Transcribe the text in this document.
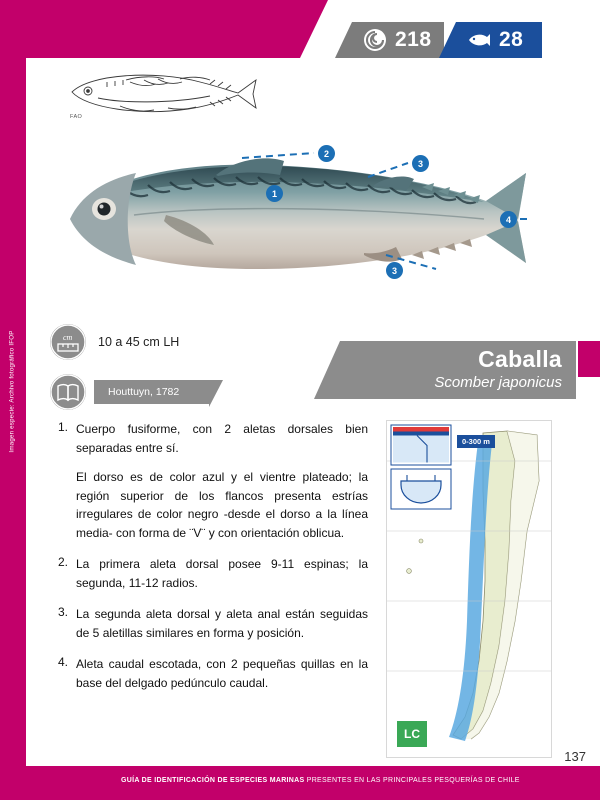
Imagen especie: Archivo fotográfico IFOP
218	28
FAO
2
1
3
4
3
cm 10 a 45 cm LH
Houttuyn, 1782
Caballa
Scomber japonicus
1. Cuerpo fusiforme, con 2 aletas dorsales bien separadas entre sí.

El dorso es de color azul y el vientre plateado; la región superior de los flancos presenta estrías irregulares de color negro -desde el dorso a la línea media- con forma de ¨V¨ y con orientación oblicua.

2. La primera aleta dorsal posee 9-11 espinas; la segunda, 11-12 radios.

3. La segunda aleta dorsal y aleta anal están seguidas de 5 aletillas similares en forma y posición.

4. Aleta caudal escotada, con 2 pequeñas quillas en la base del delgado pedúnculo caudal.

0-300 m
LC
137
GUÍA DE IDENTIFICACIÓN DE ESPECIES MARINAS PRESENTES EN LAS PRINCIPALES PESQUERÍAS DE CHILE
